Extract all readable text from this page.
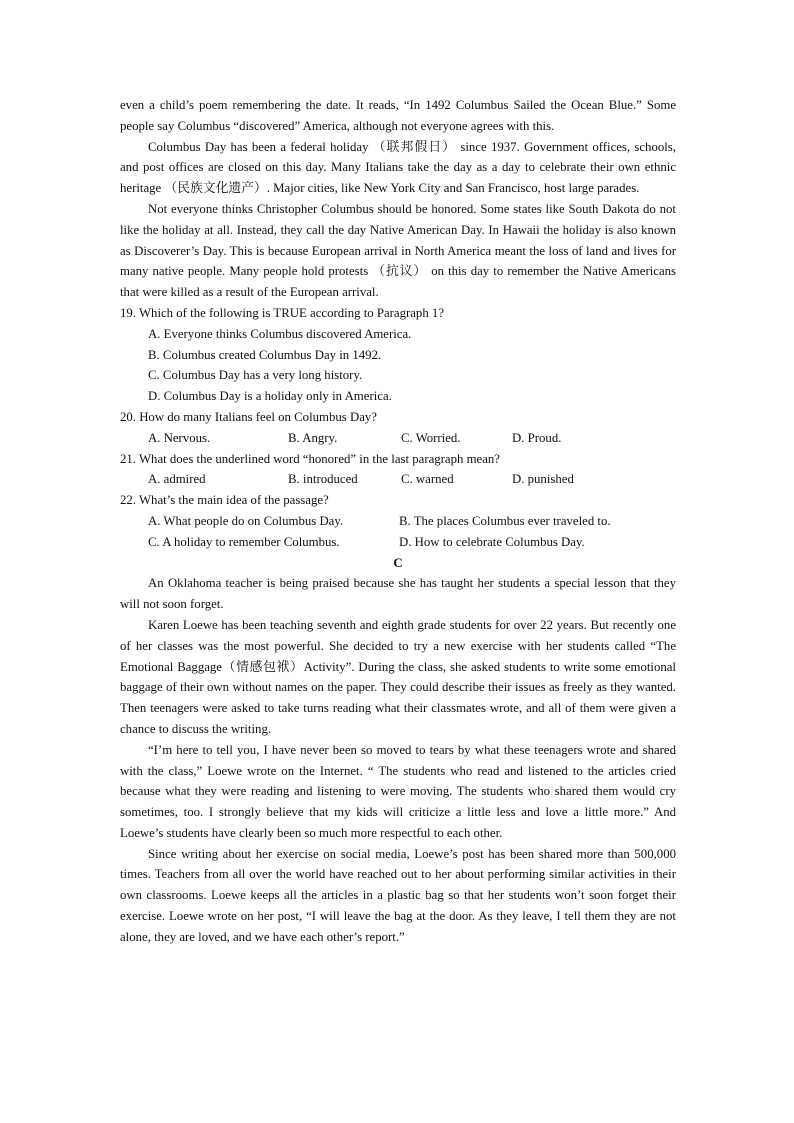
even a child’s poem remembering the date. It reads, “In 1492 Columbus Sailed the Ocean Blue.” Some people say Columbus “discovered” America, although not everyone agrees with this.

Columbus Day has been a federal holiday （联邦假日） since 1937. Government offices, schools, and post offices are closed on this day. Many Italians take the day as a day to celebrate their own ethnic heritage （民族文化遗产）. Major cities, like New York City and San Francisco, host large parades.

Not everyone thinks Christopher Columbus should be honored. Some states like South Dakota do not like the holiday at all. Instead, they call the day Native American Day. In Hawaii the holiday is also known as Discoverer’s Day. This is because European arrival in North America meant the loss of land and lives for many native people. Many people hold protests （抗议） on this day to remember the Native Americans that were killed as a result of the European arrival.

19. Which of the following is TRUE according to Paragraph 1?
A. Everyone thinks Columbus discovered America.
B. Columbus created Columbus Day in 1492.
C. Columbus Day has a very long history.
D. Columbus Day is a holiday only in America.
20. How do many Italians feel on Columbus Day?
A. Nervous.	B. Angry.	C. Worried.	D. Proud.
21. What does the underlined word “honored” in the last paragraph mean?
A. admired	B. introduced	C. warned	D. punished
22. What’s the main idea of the passage?
A. What people do on Columbus Day.	B. The places Columbus ever traveled to.
C. A holiday to remember Columbus.	D. How to celebrate Columbus Day.
C

An Oklahoma teacher is being praised because she has taught her students a special lesson that they will not soon forget.

Karen Loewe has been teaching seventh and eighth grade students for over 22 years. But recently one of her classes was the most powerful. She decided to try a new exercise with her students called “The Emotional Baggage（情感包袱）Activity”. During the class, she asked students to write some emotional baggage of their own without names on the paper. They could describe their issues as freely as they wanted. Then teenagers were asked to take turns reading what their classmates wrote, and all of them were given a chance to discuss the writing.

“I’m here to tell you, I have never been so moved to tears by what these teenagers wrote and shared with the class,” Loewe wrote on the Internet. “ The students who read and listened to the articles cried because what they were reading and listening to were moving. The students who shared them would cry sometimes, too. I strongly believe that my kids will criticize a little less and love a little more.” And Loewe’s students have clearly been so much more respectful to each other.

Since writing about her exercise on social media, Loewe’s post has been shared more than 500,000 times. Teachers from all over the world have reached out to her about performing similar activities in their own classrooms. Loewe keeps all the articles in a plastic bag so that her students won’t soon forget their exercise. Loewe wrote on her post, “I will leave the bag at the door. As they leave, I tell them they are not alone, they are loved, and we have each other’s report.”
